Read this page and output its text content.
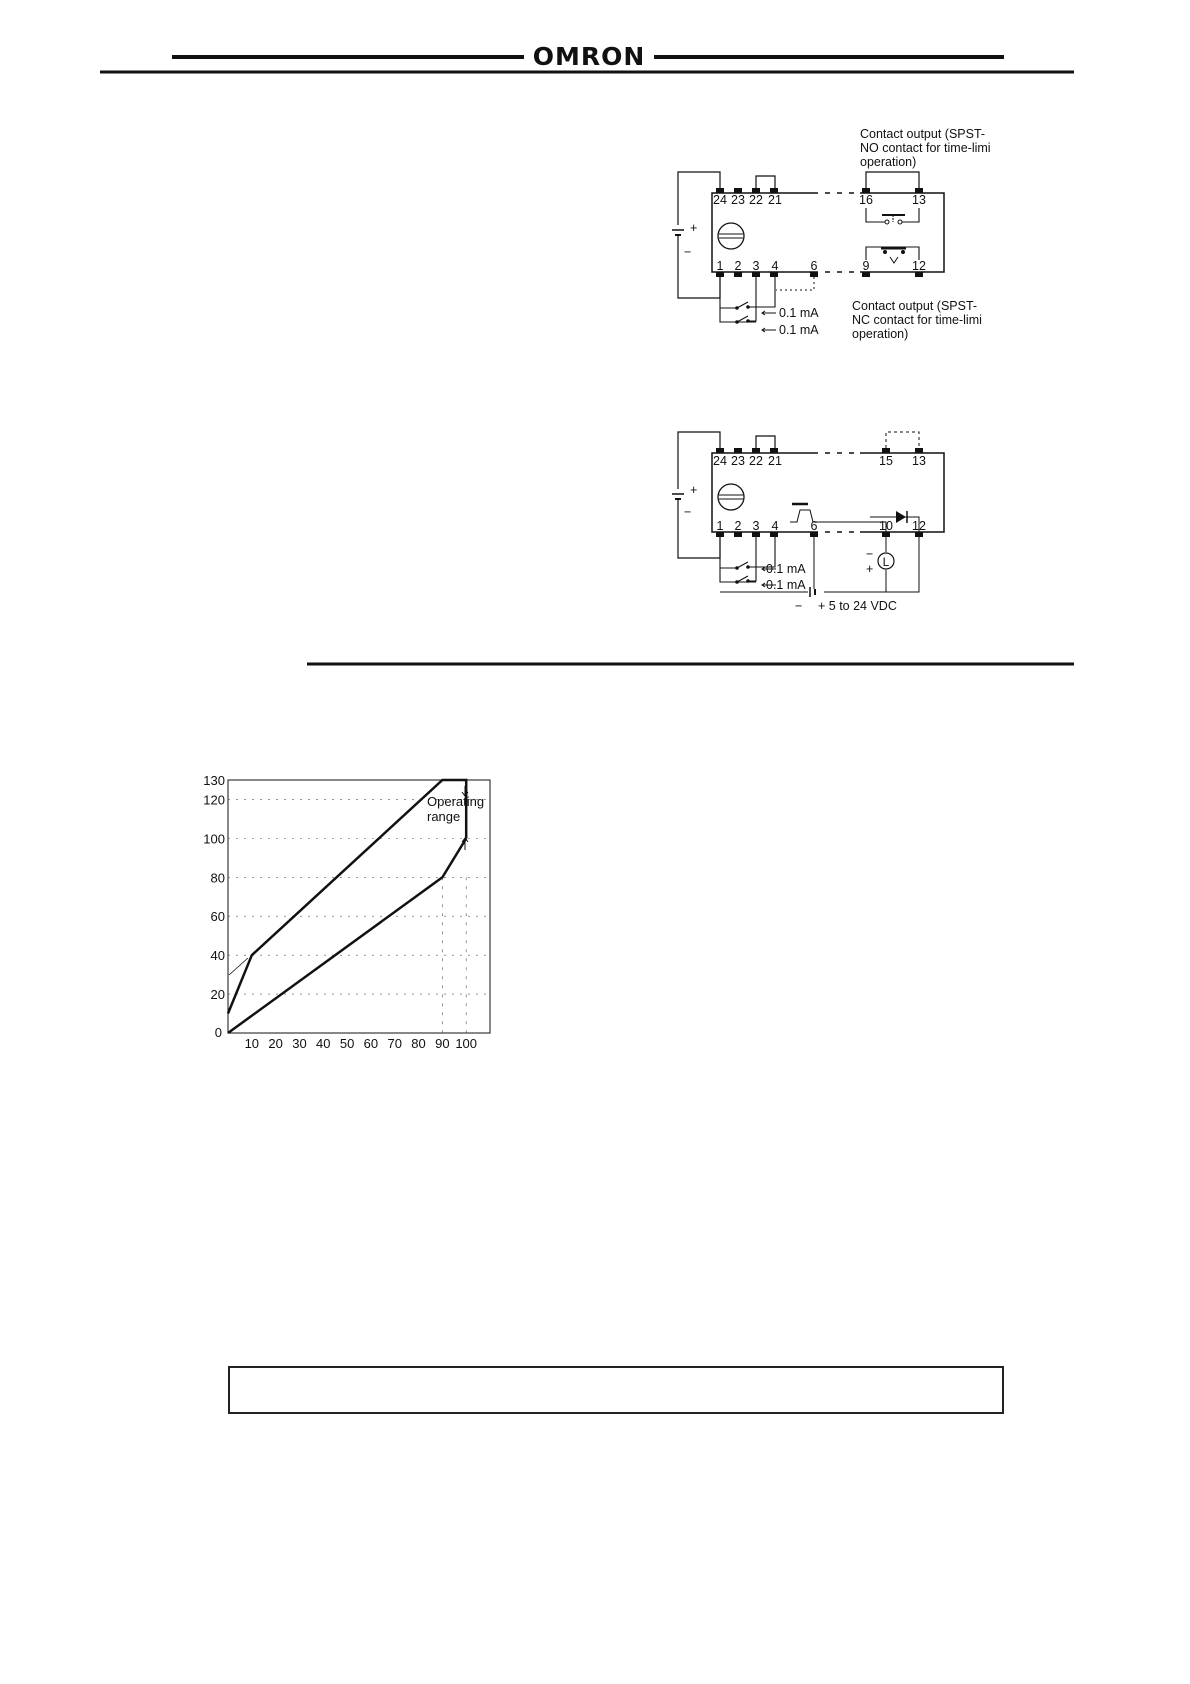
OMRON
24 23 22 21	16	13
1 2 3 4	6	9	12
+
−
0.1 mA
0.1 mA
Contact output (SPST- NO contact for time-limi operation)
Contact output (SPST- NC contact for time-limi operation)
24 23 22 21	15 13
1 2 3 4	6	10 12
+
−
0.1 mA
0.1 mA
L
−
+
− + 5 to 24 VDC
0
20
40
60
80
100
120
130
10 20 30 40 50 60 70 80 90 100
Operating range
